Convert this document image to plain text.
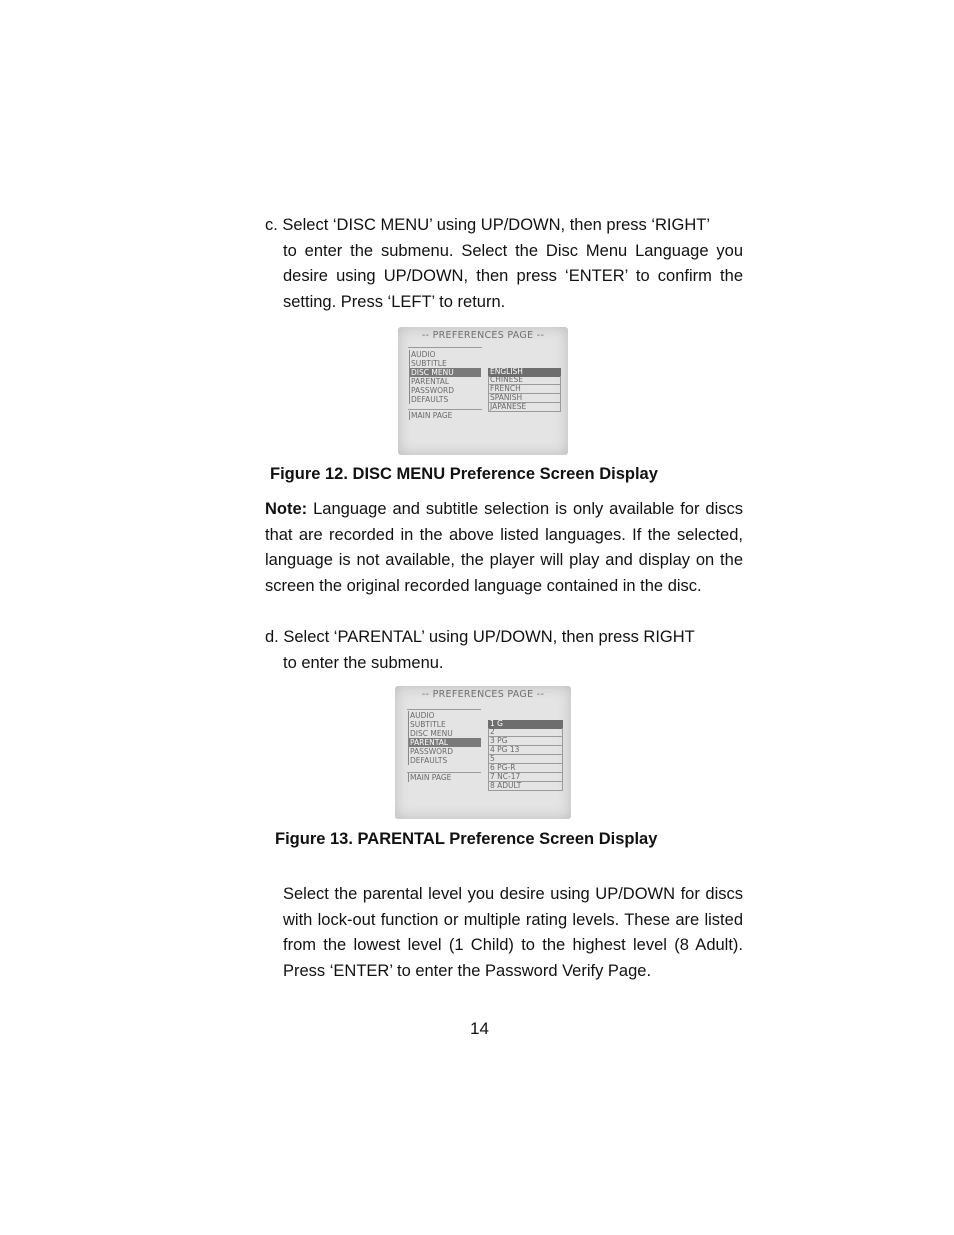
c. Select ‘DISC MENU’ using UP/DOWN, then press ‘RIGHT’
to enter the submenu. Select the Disc Menu Language you
desire using UP/DOWN, then press ‘ENTER’ to confirm the
setting. Press ‘LEFT’ to return.
-- PREFERENCES PAGE --
AUDIO
SUBTITLE
DISC MENU
PARENTAL
PASSWORD
DEFAULTS
MAIN PAGE
ENGLISH
CHINESE
FRENCH
SPANISH
JAPANESE
Figure 12. DISC MENU Preference Screen Display
Note: Language and subtitle selection is only available for discs
that are recorded in the above listed languages. If the selected,
language is not available, the player will play and display on the
screen the original recorded language contained in the disc.
d. Select ‘PARENTAL’ using UP/DOWN, then press RIGHT
to enter the submenu.
-- PREFERENCES PAGE --
AUDIO
SUBTITLE
DISC MENU
PARENTAL
PASSWORD
DEFAULTS
MAIN PAGE
1 G
2
3 PG
4 PG 13
5
6 PG-R
7 NC-17
8 ADULT
Figure 13. PARENTAL Preference Screen Display
Select the parental level you desire using UP/DOWN for discs
with lock-out function or multiple rating levels. These are listed
from the lowest level (1 Child) to the highest level (8 Adult).
Press ‘ENTER’ to enter the Password Verify Page.
14
